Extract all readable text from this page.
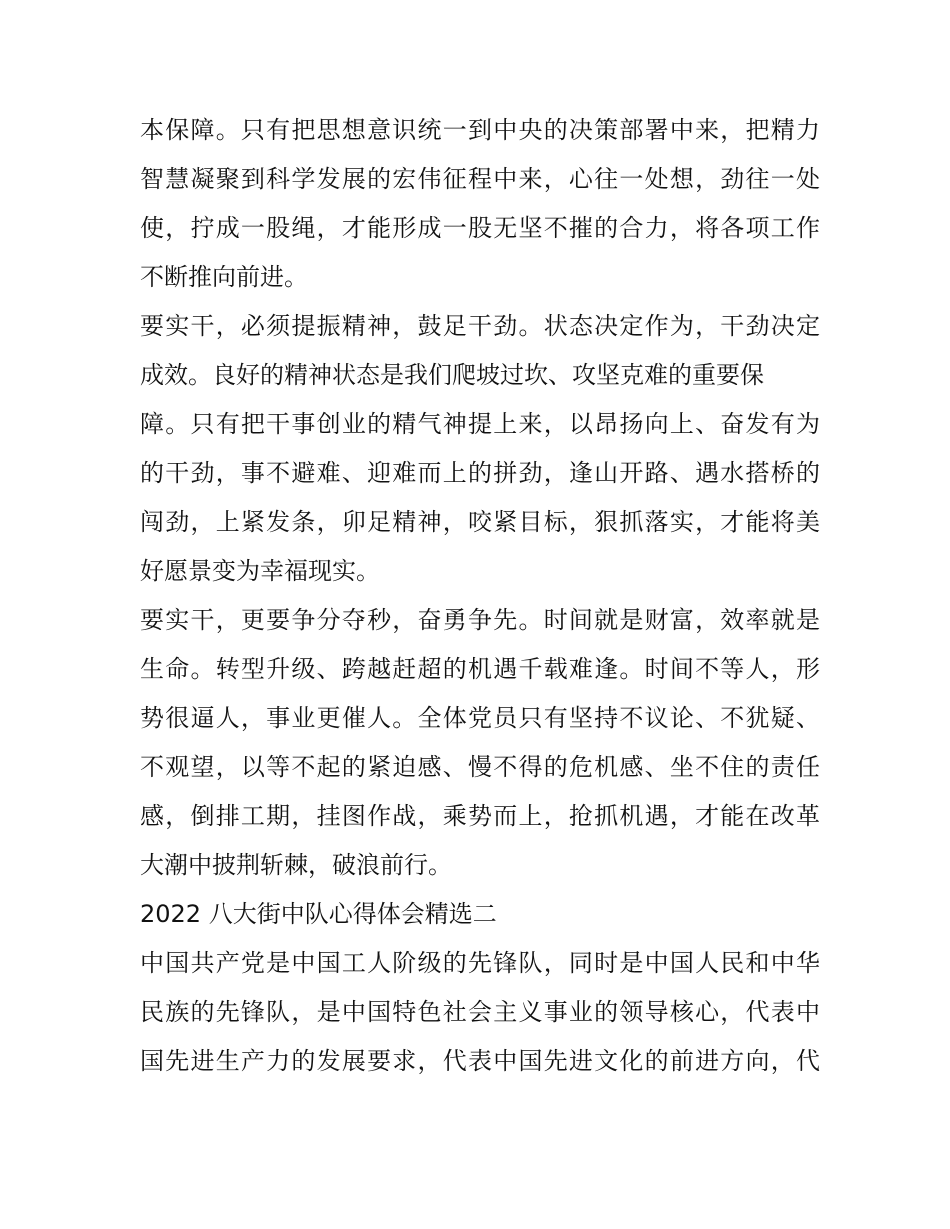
本保障。只有把思想意识统一到中央的决策部署中来，把精力
智慧凝聚到科学发展的宏伟征程中来，心往一处想，劲往一处
使，拧成一股绳，才能形成一股无坚不摧的合力，将各项工作
不断推向前进。
要实干，必须提振精神，鼓足干劲。状态决定作为，干劲决定
成效。良好的精神状态是我们爬坡过坎、攻坚克难的重要保
障。只有把干事创业的精气神提上来，以昂扬向上、奋发有为
的干劲，事不避难、迎难而上的拼劲，逢山开路、遇水搭桥的
闯劲，上紧发条，卯足精神，咬紧目标，狠抓落实，才能将美
好愿景变为幸福现实。
要实干，更要争分夺秒，奋勇争先。时间就是财富，效率就是
生命。转型升级、跨越赶超的机遇千载难逢。时间不等人，形
势很逼人，事业更催人。全体党员只有坚持不议论、不犹疑、
不观望，以等不起的紧迫感、慢不得的危机感、坐不住的责任
感，倒排工期，挂图作战，乘势而上，抢抓机遇，才能在改革
大潮中披荆斩棘，破浪前行。
2022 八大街中队心得体会精选二
中国共产党是中国工人阶级的先锋队，同时是中国人民和中华
民族的先锋队，是中国特色社会主义事业的领导核心，代表中
国先进生产力的发展要求，代表中国先进文化的前进方向，代
